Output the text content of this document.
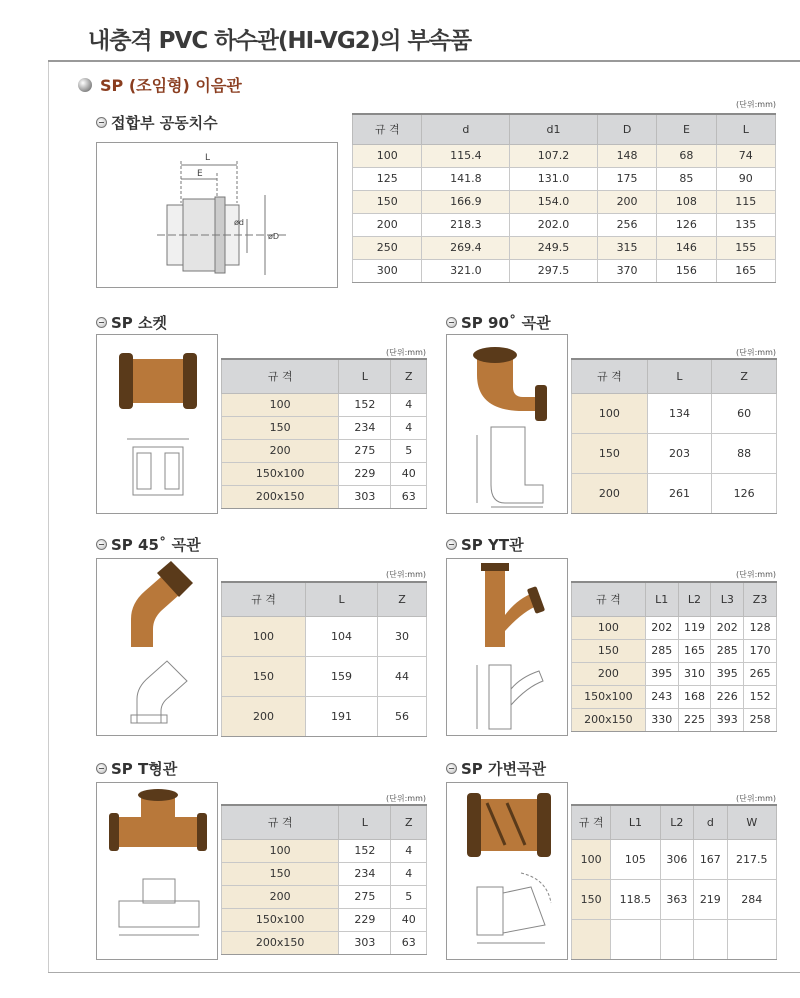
내충격 PVC 하수관(HI-VG2)의 부속품
SP (조임형) 이음관
접합부 공동치수
L
E
ød
øD
(단위:mm)
규 격	d	d1	D	E	L
100	115.4	107.2	148	68	74
125	141.8	131.0	175	85	90
150	166.9	154.0	200	108	115
200	218.3	202.0	256	126	135
250	269.4	249.5	315	146	155
300	321.0	297.5	370	156	165
SP 소켓
(단위:mm)
규 격	L	Z
100	152	4
150	234	4
200	275	5
150x100	229	40
200x150	303	63
SP 90˚ 곡관
(단위:mm)
규 격	L	Z
100	134	60
150	203	88
200	261	126
SP 45˚ 곡관
(단위:mm)
규 격	L	Z
100	104	30
150	159	44
200	191	56
SP YT관
(단위:mm)
규 격	L1	L2	L3	Z3
100	202	119	202	128
150	285	165	285	170
200	395	310	395	265
150x100	243	168	226	152
200x150	330	225	393	258
SP T형관
(단위:mm)
규 격	L	Z
100	152	4
150	234	4
200	275	5
150x100	229	40
200x150	303	63
SP 가변곡관
(단위:mm)
규 격	L1	L2	d	W
100	105	306	167	217.5
150	118.5	363	219	284
